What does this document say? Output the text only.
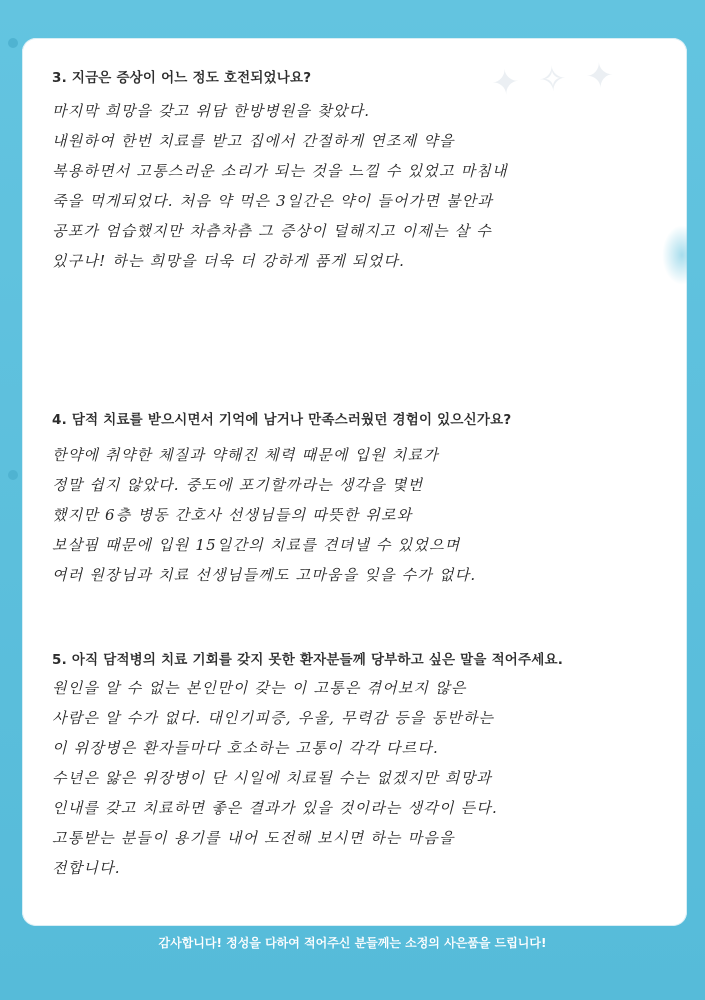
✦ ✧ ✦
3. 지금은 증상이 어느 정도 호전되었나요?
마지막 희망을 갖고 위담 한방병원을 찾았다.
내원하여 한번 치료를 받고 집에서 간절하게 연조제 약을
복용하면서 고통스러운 소리가 되는 것을 느낄 수 있었고 마침내
죽을 먹게되었다. 처음 약 먹은 3일간은 약이 들어가면 불안과
공포가 엄습했지만 차츰차츰 그 증상이 덜해지고 이제는 살 수
있구나! 하는 희망을 더욱 더 강하게 품게 되었다.
4. 담적 치료를 받으시면서 기억에 남거나 만족스러웠던 경험이 있으신가요?
한약에 취약한 체질과 약해진 체력 때문에 입원 치료가
정말 쉽지 않았다. 중도에 포기할까라는 생각을 몇번
했지만 6층 병동 간호사 선생님들의 따뜻한 위로와
보살핌 때문에 입원 15일간의 치료를 견뎌낼 수 있었으며
여러 원장님과 치료 선생님들께도 고마움을 잊을 수가 없다.
5. 아직 담적병의 치료 기회를 갖지 못한 환자분들께 당부하고 싶은 말을 적어주세요.
원인을 알 수 없는 본인만이 갖는 이 고통은 겪어보지 않은
사람은 알 수가 없다. 대인기피증, 우울, 무력감 등을 동반하는
이 위장병은 환자들마다 호소하는 고통이 각각 다르다.
수년은 앓은 위장병이 단 시일에 치료될 수는 없겠지만 희망과
인내를 갖고 치료하면 좋은 결과가 있을 것이라는 생각이 든다.
고통받는 분들이 용기를 내어 도전해 보시면 하는 마음을
전합니다.
감사합니다! 정성을 다하여 적어주신 분들께는 소정의 사은품을 드립니다!
